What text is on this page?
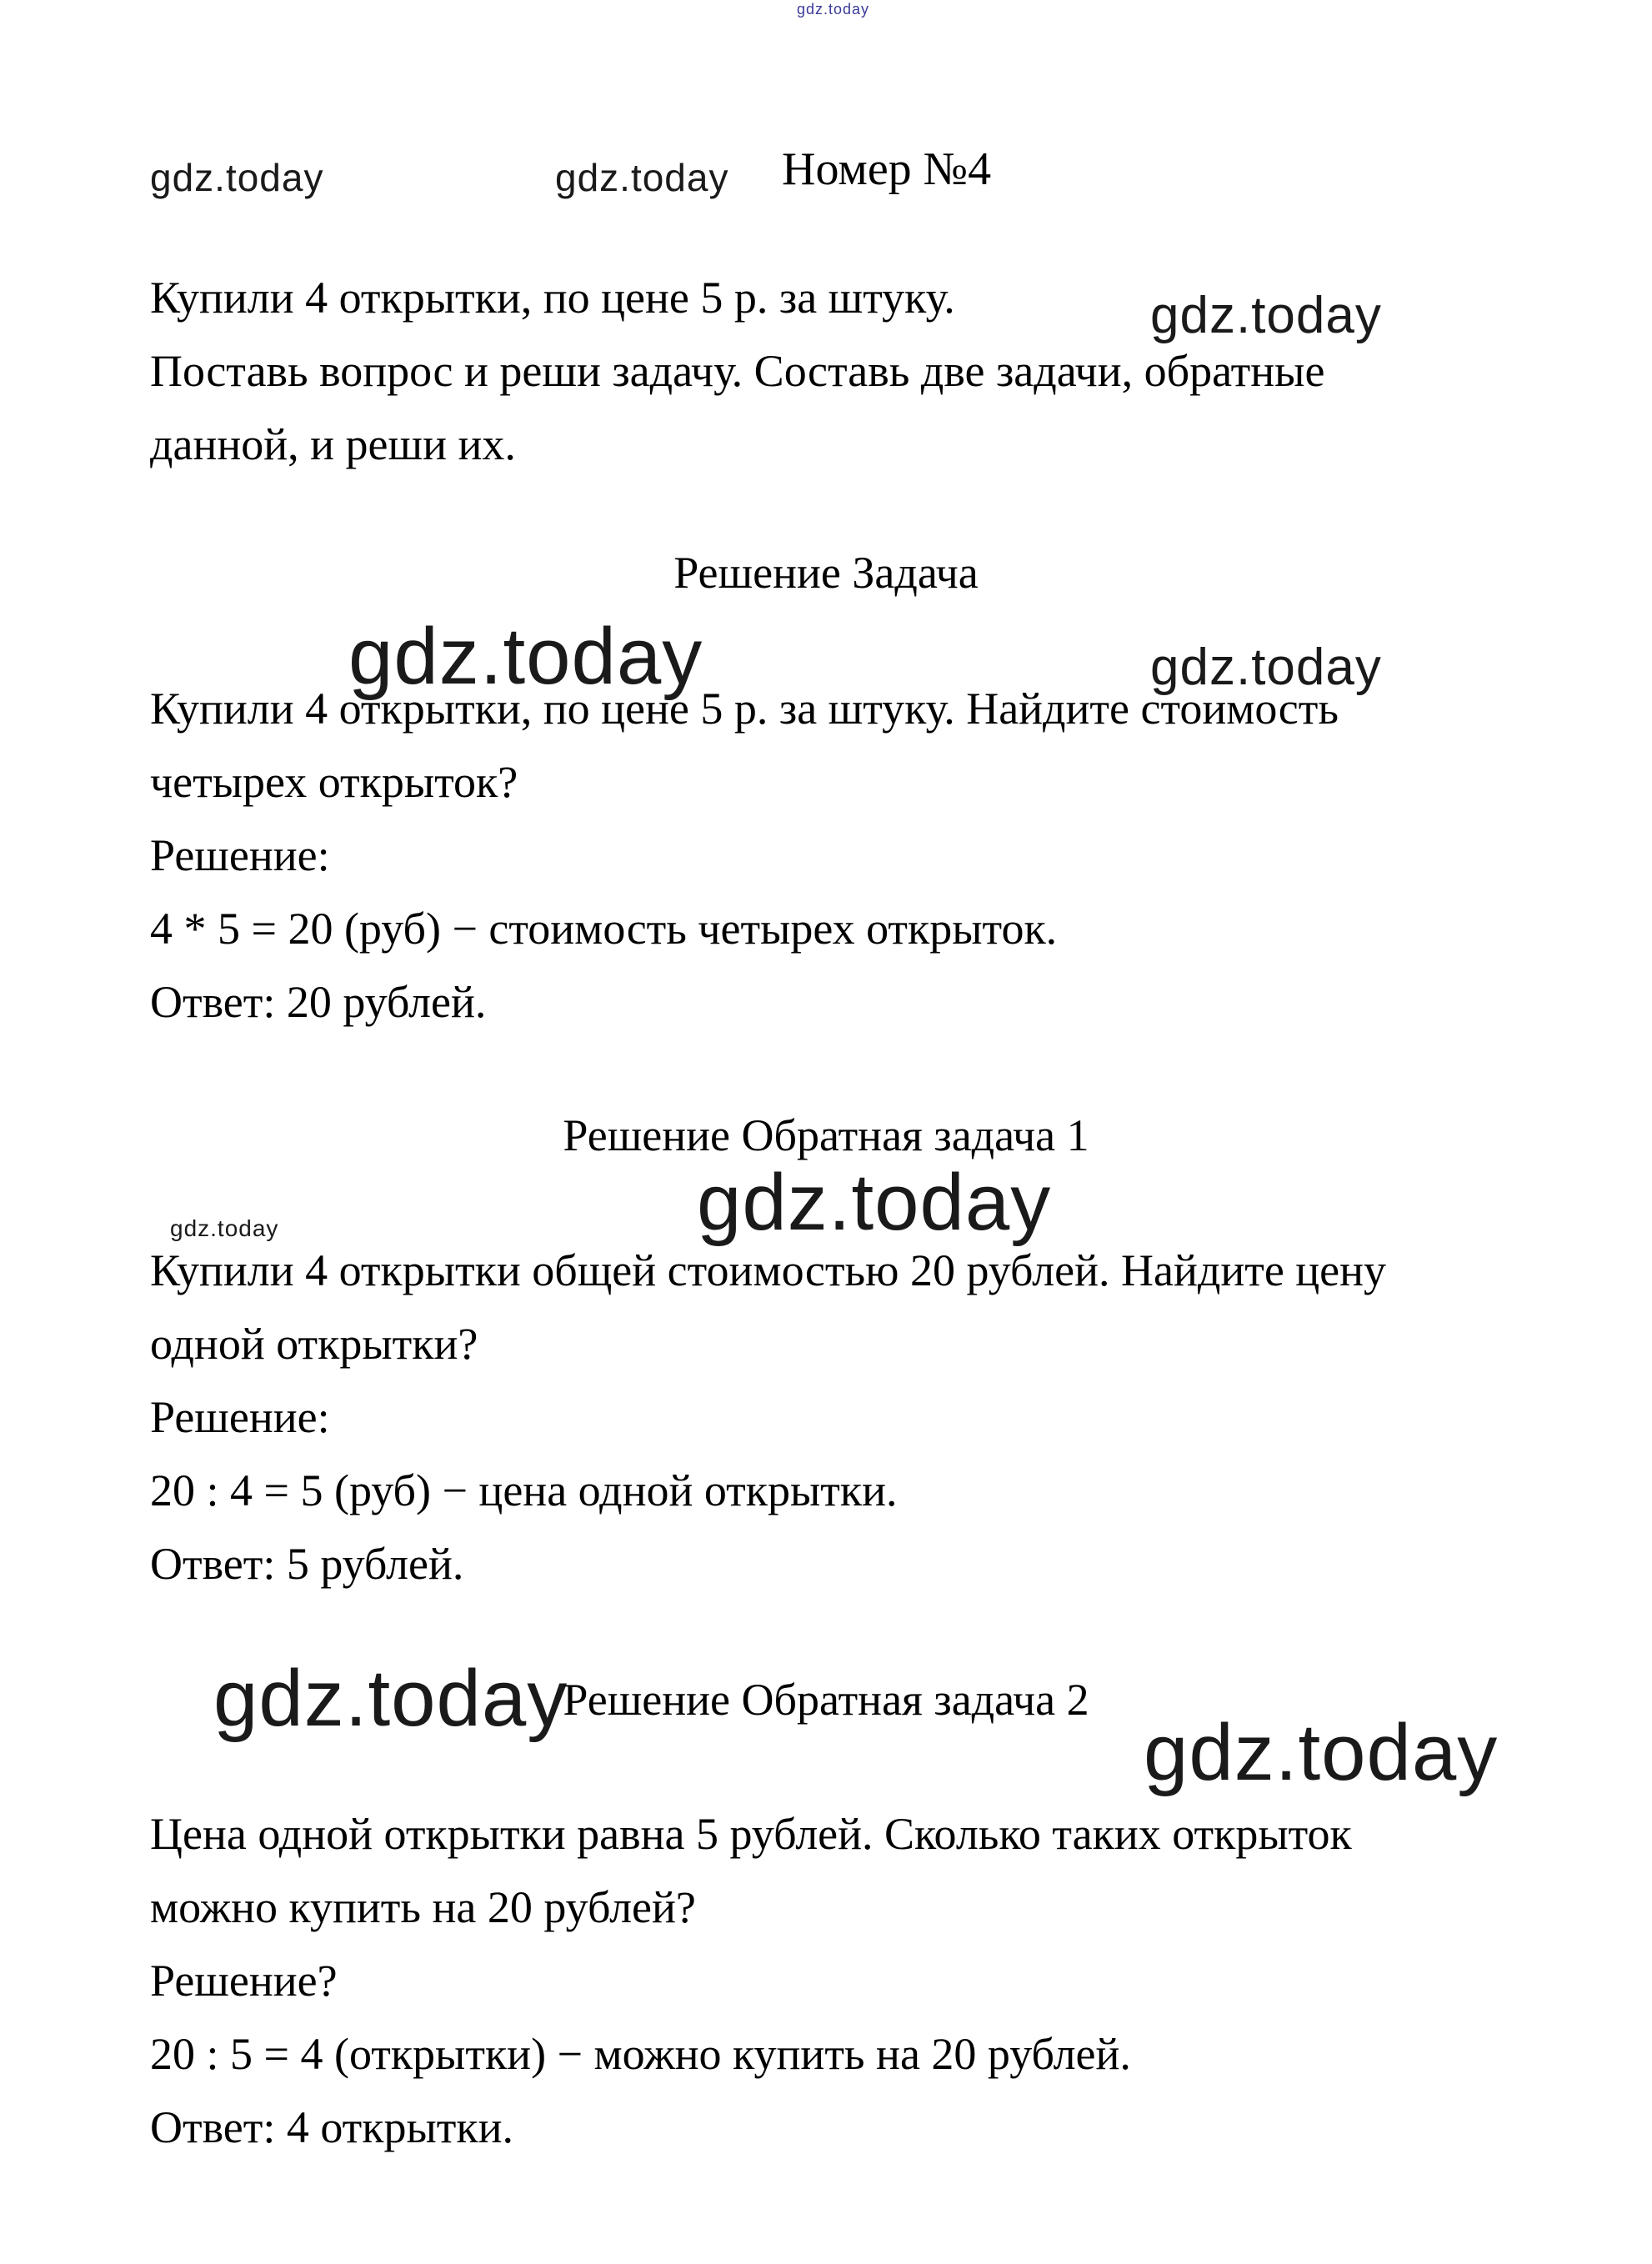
gdz.today
gdz.today	gdz.today
gdz.today
gdz.today	gdz.today
gdz.today	gdz.today
gdz.today
gdz.today
Номер №4

Купили 4 открытки, по цене 5 р. за штуку.

Поставь вопрос и реши задачу. Составь две задачи, обратные

данной, и реши их.

Решение Задача

Купили 4 открытки, по цене 5 р. за штуку. Найдите стоимость

четырех открыток?

Решение:

4 * 5 = 20 (руб) − стоимость четырех открыток.

Ответ: 20 рублей.

Решение Обратная задача 1

Купили 4 открытки общей стоимостью 20 рублей. Найдите цену

одной открытки?

Решение:

20 : 4 = 5 (руб) − цена одной открытки.

Ответ: 5 рублей.

Решение Обратная задача 2

Цена одной открытки равна 5 рублей. Сколько таких открыток

можно купить на 20 рублей?

Решение?

20 : 5 = 4 (открытки) − можно купить на 20 рублей.

Ответ: 4 открытки.
